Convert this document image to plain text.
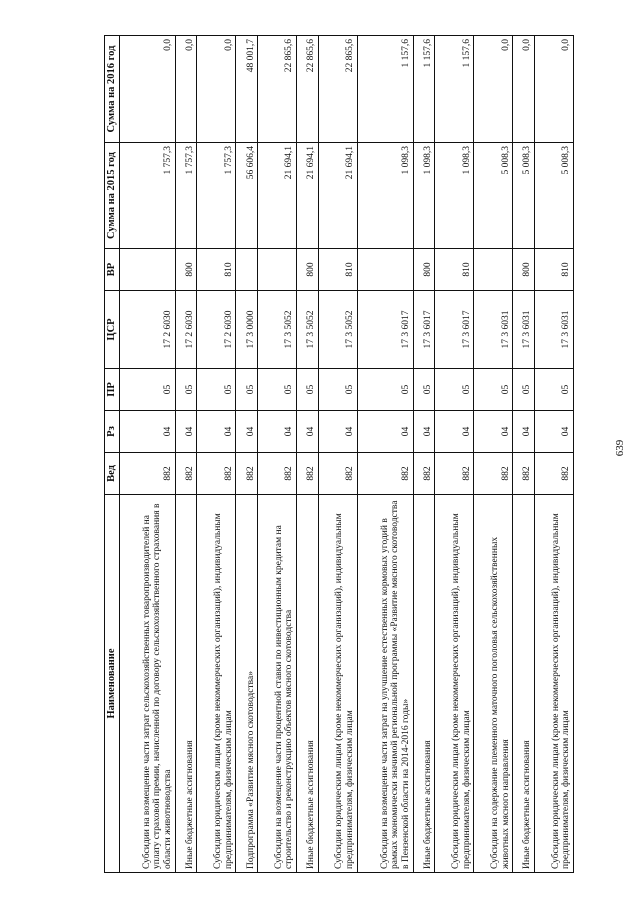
639
Наименование	Вед	Рз	ПР	ЦСР	ВР	Сумма на 2015 год	Сумма на 2016 год
Субсидии на возмещение части затрат сельскохозяйственных товаропроизводителей на уплату страховой премии, начисленной по договору сельскохозяйственного страхования в области животноводства	882	04	05	17 2 6030		1 757,3	0,0
Иные бюджетные ассигнования	882	04	05	17 2 6030	800	1 757,3	0,0
Субсидии юридическим лицам (кроме некоммерческих организаций), индивидуальным предпринимателям, физическим лицам	882	04	05	17 2 6030	810	1 757,3	0,0
Подпрограмма «Развитие мясного скотоводства»	882	04	05	17 3 0000		56 606,4	48 001,7
Субсидии на возмещение части процентной ставки по инвестиционным кредитам на строительство и реконструкцию объектов мясного скотоводства	882	04	05	17 3 5052		21 694,1	22 865,6
Иные бюджетные ассигнования	882	04	05	17 3 5052	800	21 694,1	22 865,6
Субсидии юридическим лицам (кроме некоммерческих организаций), индивидуальным предпринимателям, физическим лицам	882	04	05	17 3 5052	810	21 694,1	22 865,6
Субсидии на возмещение части затрат на улучшение естественных кормовых угодий в рамках экономически значимой региональной программы «Развитие мясного скотоводства в Пензенской области на 2014-2016 годы»	882	04	05	17 3 6017		1 098,3	1 157,6
Иные бюджетные ассигнования	882	04	05	17 3 6017	800	1 098,3	1 157,6
Субсидии юридическим лицам (кроме некоммерческих организаций), индивидуальным предпринимателям, физическим лицам	882	04	05	17 3 6017	810	1 098,3	1 157,6
Субсидии на содержание племенного маточного поголовья сельскохозяйственных животных мясного направления	882	04	05	17 3 6031		5 008,3	0,0
Иные бюджетные ассигнования	882	04	05	17 3 6031	800	5 008,3	0,0
Субсидии юридическим лицам (кроме некоммерческих организаций), индивидуальным предпринимателям, физическим лицам	882	04	05	17 3 6031	810	5 008,3	0,0
